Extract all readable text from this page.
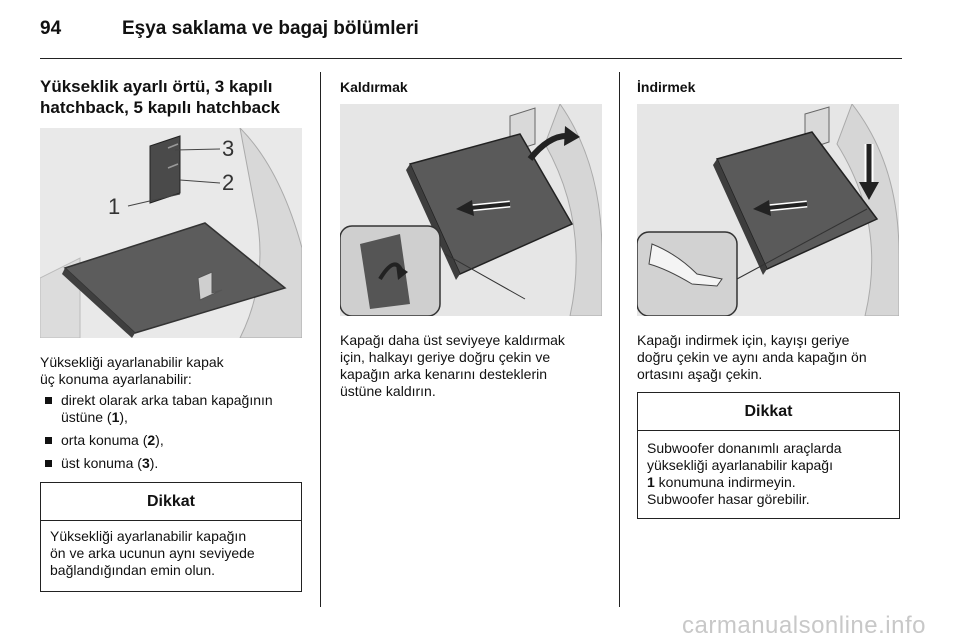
94	Eşya saklama ve bagaj bölümleri
Yükseklik ayarlı örtü, 3 kapılı hatchback, 5 kapılı hatchback
1
2
3
Yüksekliği ayarlanabilir kapak
üç konuma ayarlanabilir:
direkt olarak arka taban kapağının üstüne (1),
orta konuma (2),
üst konuma (3).
Dikkat
Yüksekliği ayarlanabilir kapağın
ön ve arka ucunun aynı seviyede
bağlandığından emin olun.
Kaldırmak
Kapağı daha üst seviyeye kaldırmak
için, halkayı geriye doğru çekin ve
kapağın arka kenarını desteklerin
üstüne kaldırın.
İndirmek
Kapağı indirmek için, kayışı geriye
doğru çekin ve aynı anda kapağın ön
ortasını aşağı çekin.
Dikkat
Subwoofer donanımlı araçlarda
yüksekliği ayarlanabilir kapağı
1 konumuna indirmeyin.
Subwoofer hasar görebilir.
carmanualsonline.info
